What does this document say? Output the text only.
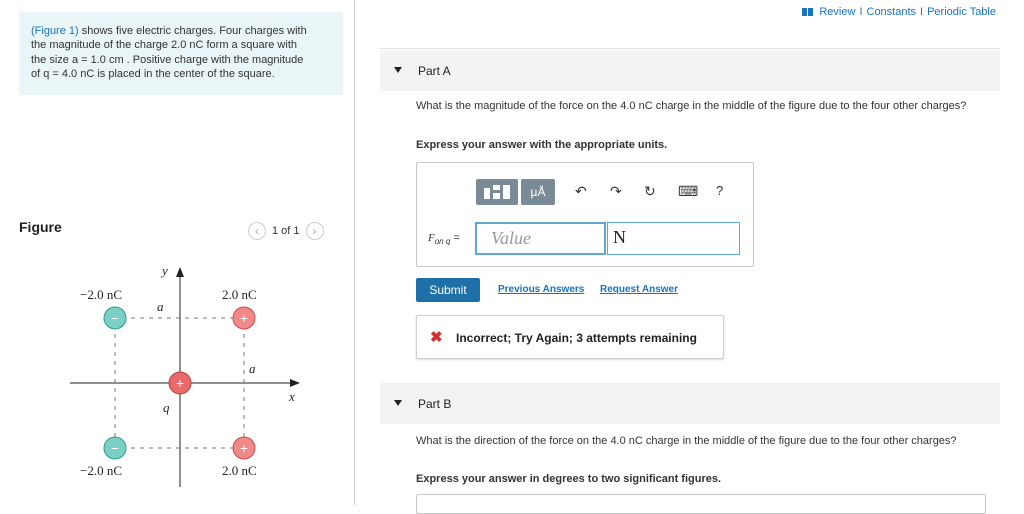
(Figure 1) shows five electric charges. Four charges with
the magnitude of the charge 2.0 nC form a square with
the size a = 1.0 cm . Positive charge with the magnitude
of q = 4.0 nC is placed in the center of the square.
Figure	‹	1 of 1	›
−	+
−	+
+
−2.0 nC	2.0 nC
−2.0 nC	2.0 nC
y
x
a
a
q
Review I Constants I Periodic Table
Part A
What is the magnitude of the force on the 4.0 nC charge in the middle of the figure due to the four other charges?
Express your answer with the appropriate units.
μÅ	↶ ↷ ↻ ⌨ ?
$F_{on q}$ =	Value	N
Submit	Previous Answers Request Answer
✖ Incorrect; Try Again; 3 attempts remaining
Part B
What is the direction of the force on the 4.0 nC charge in the middle of the figure due to the four other charges?
Express your answer in degrees to two significant figures.
